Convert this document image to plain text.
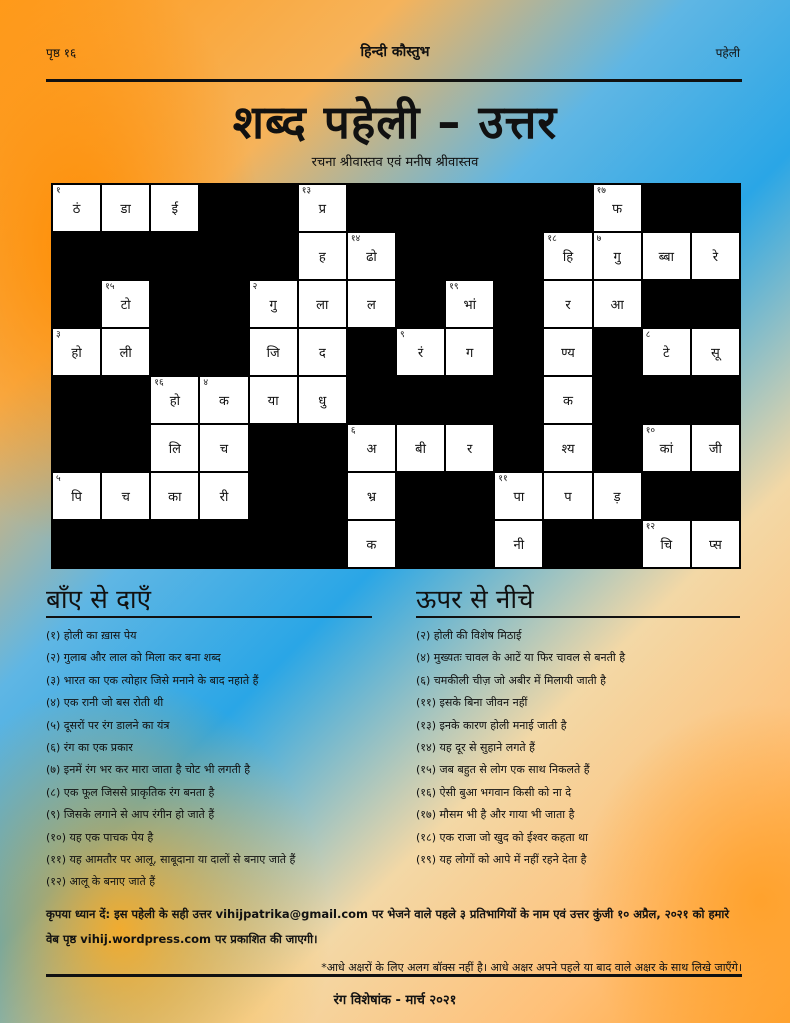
पृष्ठ १६	हिन्दी कौस्तुभ	पहेली
शब्द पहेली – उत्तर
रचना श्रीवास्तव एवं मनीष श्रीवास्तव
१
ठं	डा	ई
१३
प्र
१७
फ
ह
१४
ढो
१८
हि
७
गु	ब्बा	रे
१५
टो
२
गु	ला	ल
१९
भां	र	आ
३
हो	ली	जि	द
९
रं	ग	ण्य
८
टे	सू
१६
हो
४
क	या	धु	क
लि	च
६
अ	बी	र	श्य
१०
कां	जी
५
पि	च	का	री	भ्र
११
पा	प	ड़
क	नी
१२
चि	प्स
बाँए से दाएँ
(१) होली का ख़ास पेय
(२) गुलाब और लाल को मिला कर बना शब्द
(३) भारत का एक त्योहार जिसे मनाने के बाद नहाते हैं
(४) एक रानी जो बस रोती थी
(५) दूसरों पर रंग डालने का यंत्र
(६) रंग का एक प्रकार
(७) इनमें रंग भर कर मारा जाता है चोट भी लगती है
(८) एक फूल जिससे प्राकृतिक रंग बनता है
(९) जिसके लगाने से आप रंगीन हो जाते हैं
(१०) यह एक पाचक पेय है
(११) यह आमतौर पर आलू, साबूदाना या दालों से बनाए जाते हैं
(१२) आलू के बनाए जाते हैं
ऊपर से नीचे
(२) होली की विशेष मिठाई
(४) मुख्यतः चावल के आटें या फिर चावल से बनती है
(६) चमकीली चीज़ जो अबीर में मिलायी जाती है
(११) इसके बिना जीवन नहीं
(१३) इनके कारण होली मनाई जाती है
(१४) यह दूर से सुहाने लगते हैं
(१५) जब बहुत से लोग एक साथ निकलते हैं
(१६) ऐसी बुआ भगवान किसी को ना दे
(१७) मौसम भी है और गाया भी जाता है
(१८) एक राजा जो खुद को ईश्वर कहता था
(१९) यह लोगों को आपे में नहीं रहने देता है
कृपया ध्यान दें: इस पहेली के सही उत्तर vihijpatrika@gmail.com पर भेजने वाले पहले ३ प्रतिभागियों के नाम एवं उत्तर कुंजी १० अप्रैल, २०२१ को हमारे वेब पृष्ठ vihij.wordpress.com पर प्रकाशित की जाएगी।
*आधे अक्षरों के लिए अलग बॉक्स नहीं है। आधे अक्षर अपने पहले या बाद वाले अक्षर के साथ लिखे जाएँगे।
रंग विशेषांक - मार्च २०२१
